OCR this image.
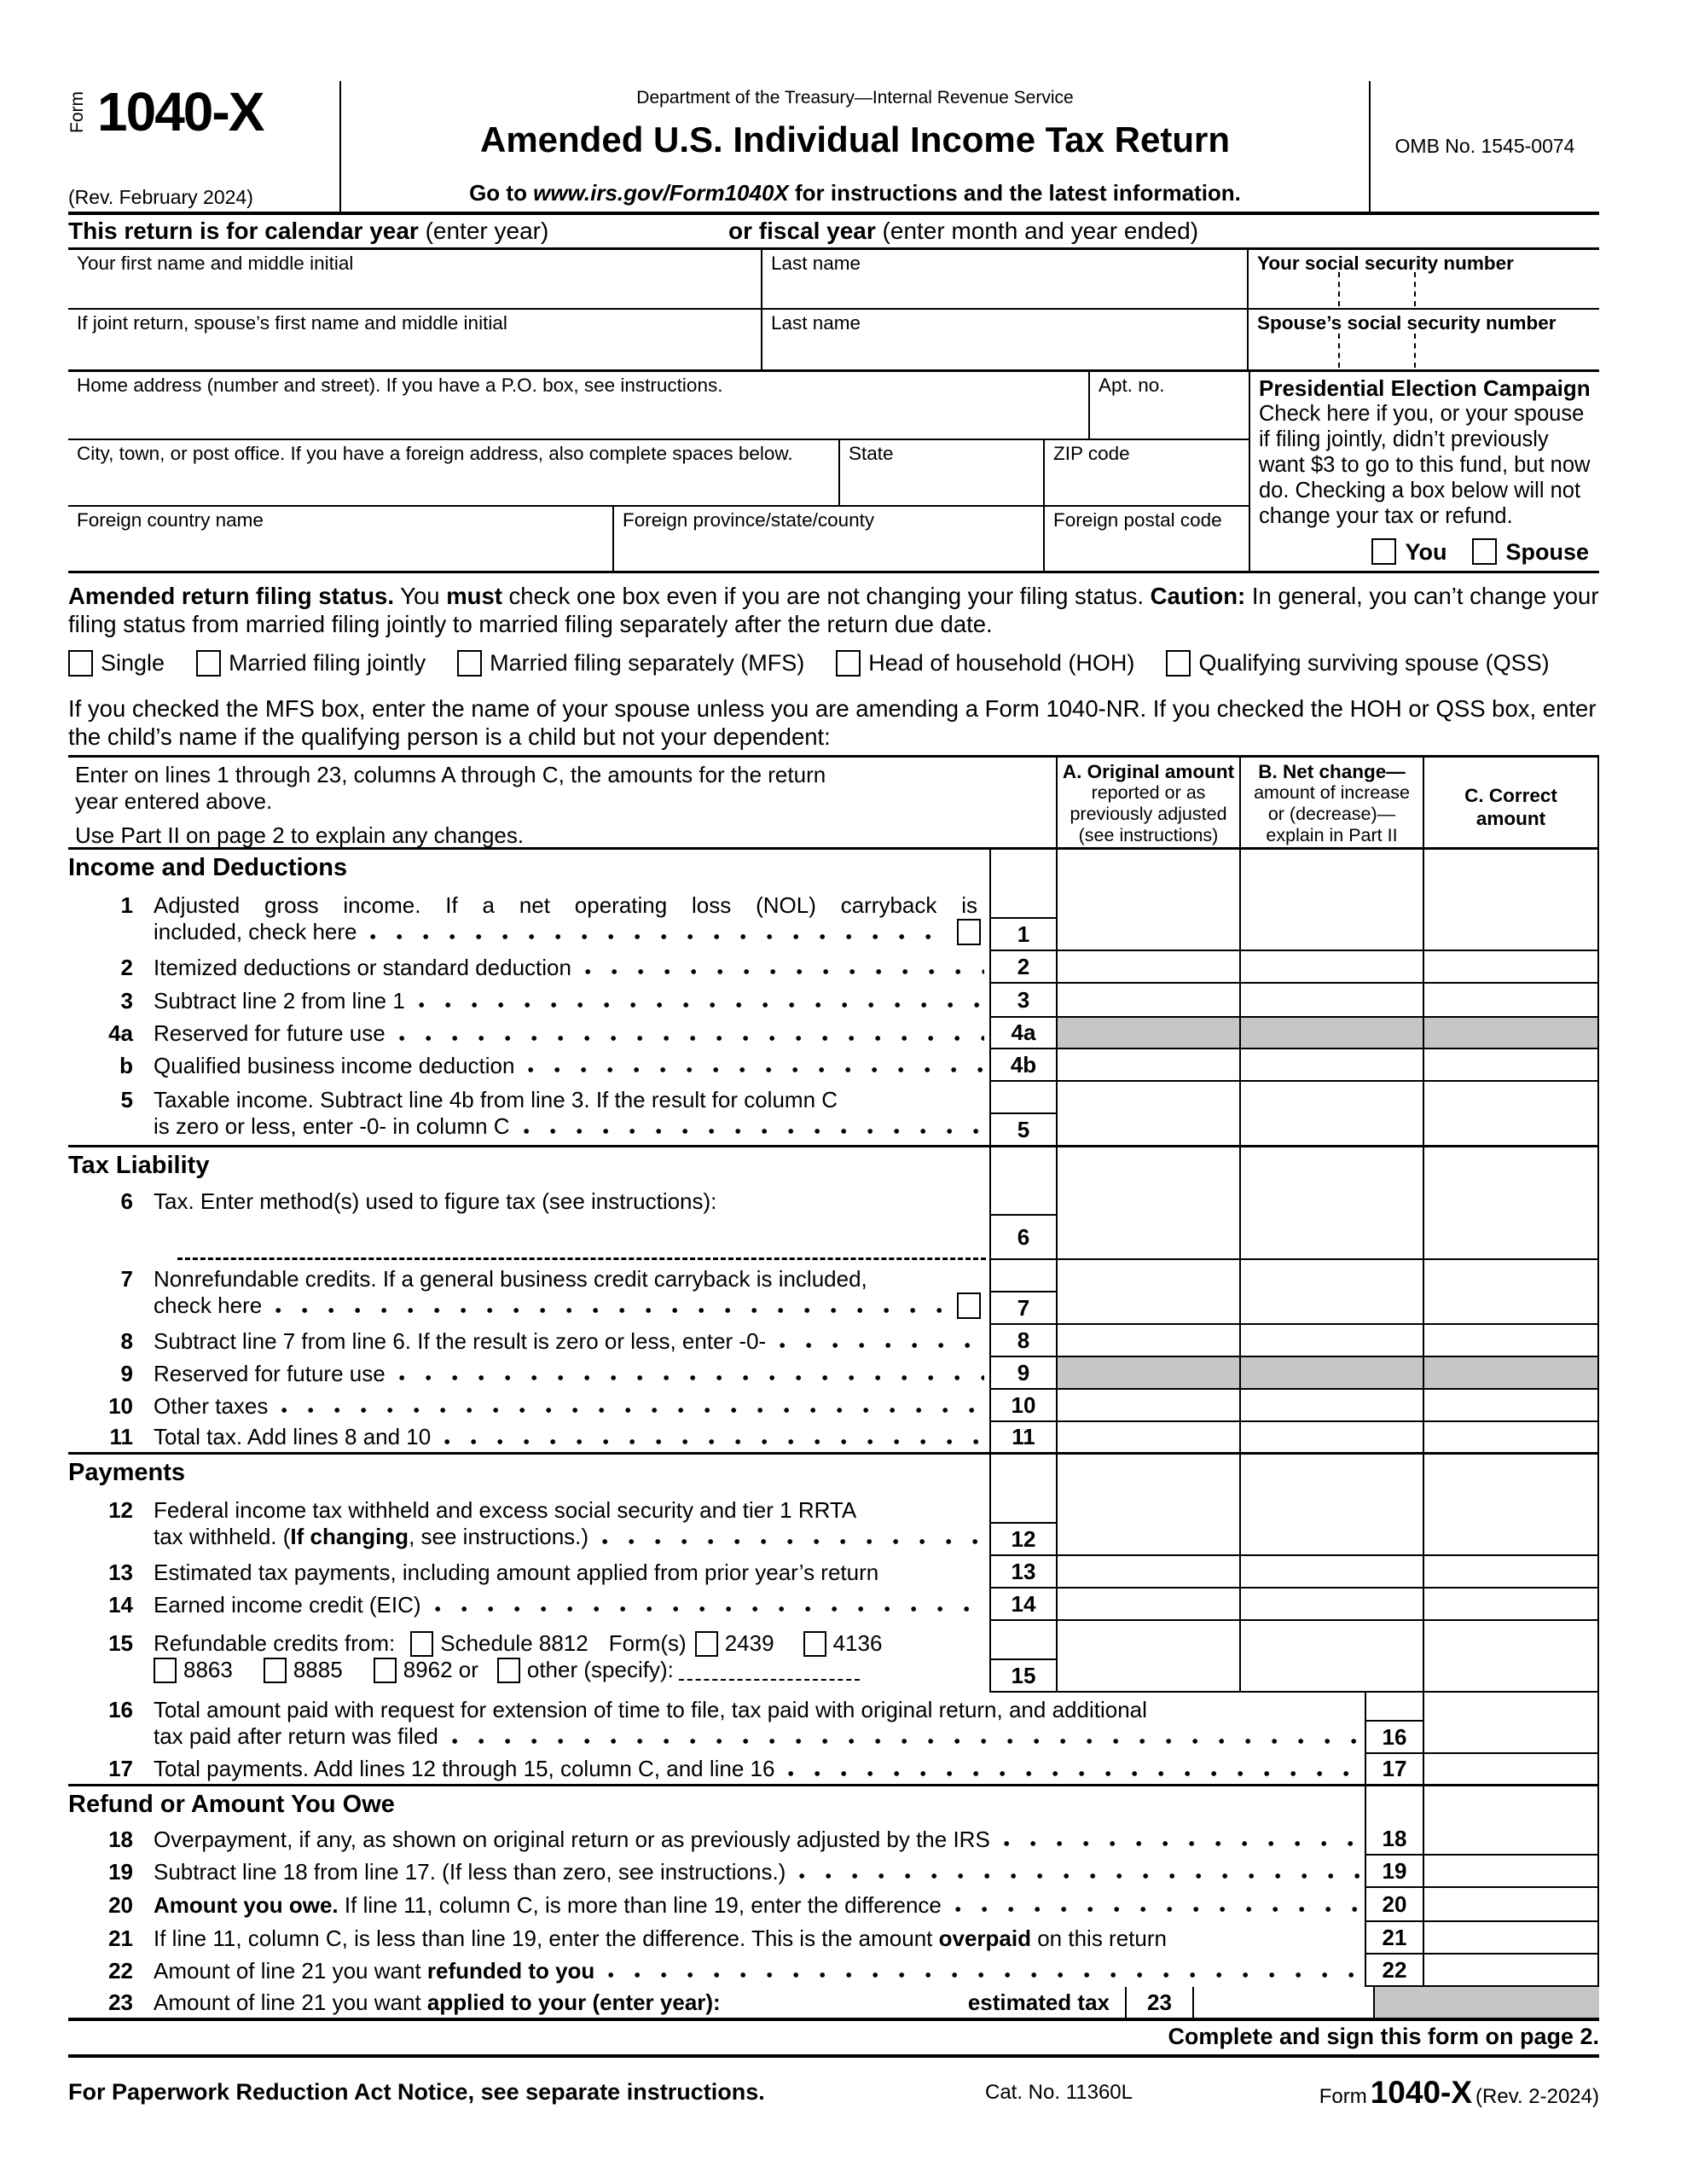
Form 1040-X
(Rev. February 2024)
Department of the Treasury—Internal Revenue Service
Amended U.S. Individual Income Tax Return
Go to www.irs.gov/Form1040X for instructions and the latest information.
OMB No. 1545-0074
This return is for calendar year (enter year)	or fiscal year (enter month and year ended)
Your first name and middle initial	Last name	Your social security number
If joint return, spouse’s first name and middle initial	Last name	Spouse’s social security number
Home address (number and street). If you have a P.O. box, see instructions.	Apt. no.
City, town, or post office. If you have a foreign address, also complete spaces below.	State	ZIP code
Foreign country name	Foreign province/state/county	Foreign postal code
Presidential Election Campaign
Check here if you, or your spouse
if filing jointly, didn’t previously
want $3 to go to this fund, but now
do. Checking a box below will not
change your tax or refund.
You	Spouse
Amended return filing status. You must check one box even if you are not changing your filing status. Caution: In general, you can’t change your filing status from married filing jointly to married filing separately after the return due date.
Single	Married filing jointly	Married filing separately (MFS)	Head of household (HOH)	Qualifying surviving spouse (QSS)
If you checked the MFS box, enter the name of your spouse unless you are amending a Form 1040-NR. If you checked the HOH or QSS box, enter the child’s name if the qualifying person is a child but not your dependent:
Enter on lines 1 through 23, columns A through C, the amounts for the return
year entered above.
Use Part II on page 2 to explain any changes.
A. Original amount
reported or as
previously adjusted
(see instructions)
B. Net change—
amount of increase
or (decrease)—
explain in Part II
C. Correct
amount
Income and Deductions
1 Adjusted gross income. If a net operating loss (NOL) carryback is
included, check here	1
2 Itemized deductions or standard deduction	2
3 Subtract line 2 from line 1	3
4a Reserved for future use	4a
b Qualified business income deduction	4b
5 Taxable income. Subtract line 4b from line 3. If the result for column C
is zero or less, enter -0- in column C	5
Tax Liability
6 Tax. Enter method(s) used to figure tax (see instructions):
6
7 Nonrefundable credits. If a general business credit carryback is included,
check here	7
8 Subtract line 7 from line 6. If the result is zero or less, enter -0-	8
9 Reserved for future use	9
10 Other taxes	10
11 Total tax. Add lines 8 and 10	11
Payments
12 Federal income tax withheld and excess social security and tier 1 RRTA
tax withheld. (If changing, see instructions.)	12
13 Estimated tax payments, including amount applied from prior year’s return	13
14 Earned income credit (EIC)	14
15 Refundable credits from: Schedule 8812 Form(s) 2439	4136
8863	8885	8962 or other (specify):	15
16 Total amount paid with request for extension of time to file, tax paid with original return, and additional
tax paid after return was filed	16
17 Total payments. Add lines 12 through 15, column C, and line 16	17
Refund or Amount You Owe
18 Overpayment, if any, as shown on original return or as previously adjusted by the IRS	18
19 Subtract line 18 from line 17. (If less than zero, see instructions.)	19
20 Amount you owe. If line 11, column C, is more than line 19, enter the difference	20
21 If line 11, column C, is less than line 19, enter the difference. This is the amount overpaid on this return	21
22 Amount of line 21 you want refunded to you	22
23 Amount of line 21 you want applied to your (enter year):	estimated tax	23
Complete and sign this form on page 2.
For Paperwork Reduction Act Notice, see separate instructions.	Cat. No. 11360L	Form 1040-X (Rev. 2-2024)
